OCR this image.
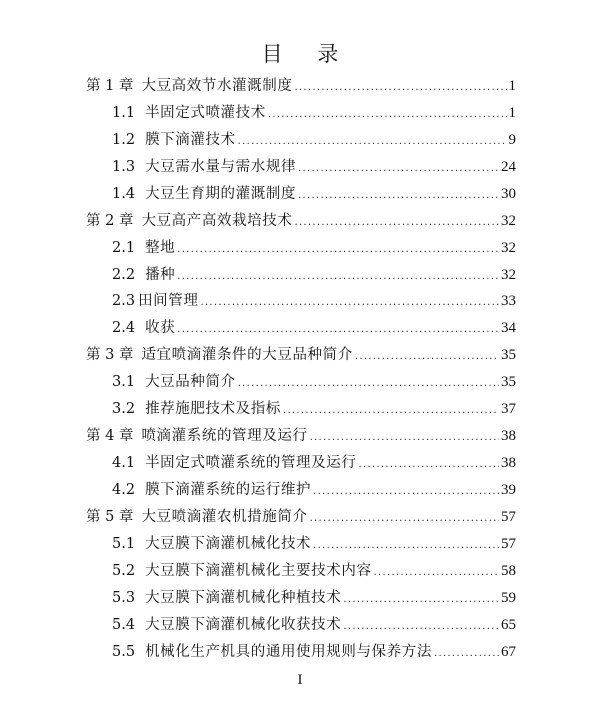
目 录
第 1 章 大豆高效节水灌溉制度 .....	1
1.1 半固定式喷灌技术 .....	1
1.2 膜下滴灌技术 .....	9
1.3 大豆需水量与需水规律 .....	24
1.4 大豆生育期的灌溉制度 .....	30
第 2 章 大豆高产高效栽培技术 .....	32
2.1 整地 .....	32
2.2 播种 .....	32
2.3 田间管理 .....	33
2.4 收获 .....	34
第 3 章 适宜喷滴灌条件的大豆品种简介 .....	35
3.1 大豆品种简介 .....	35
3.2 推荐施肥技术及指标 .....	37
第 4 章 喷滴灌系统的管理及运行 .....	38
4.1 半固定式喷灌系统的管理及运行 .....	38
4.2 膜下滴灌系统的运行维护 .....	39
第 5 章 大豆喷滴灌农机措施简介 .....	57
5.1 大豆膜下滴灌机械化技术 .....	57
5.2 大豆膜下滴灌机械化主要技术内容 .....	58
5.3 大豆膜下滴灌机械化种植技术 .....	59
5.4 大豆膜下滴灌机械化收获技术 .....	65
5.5 机械化生产机具的通用使用规则与保养方法 .....	67
I
